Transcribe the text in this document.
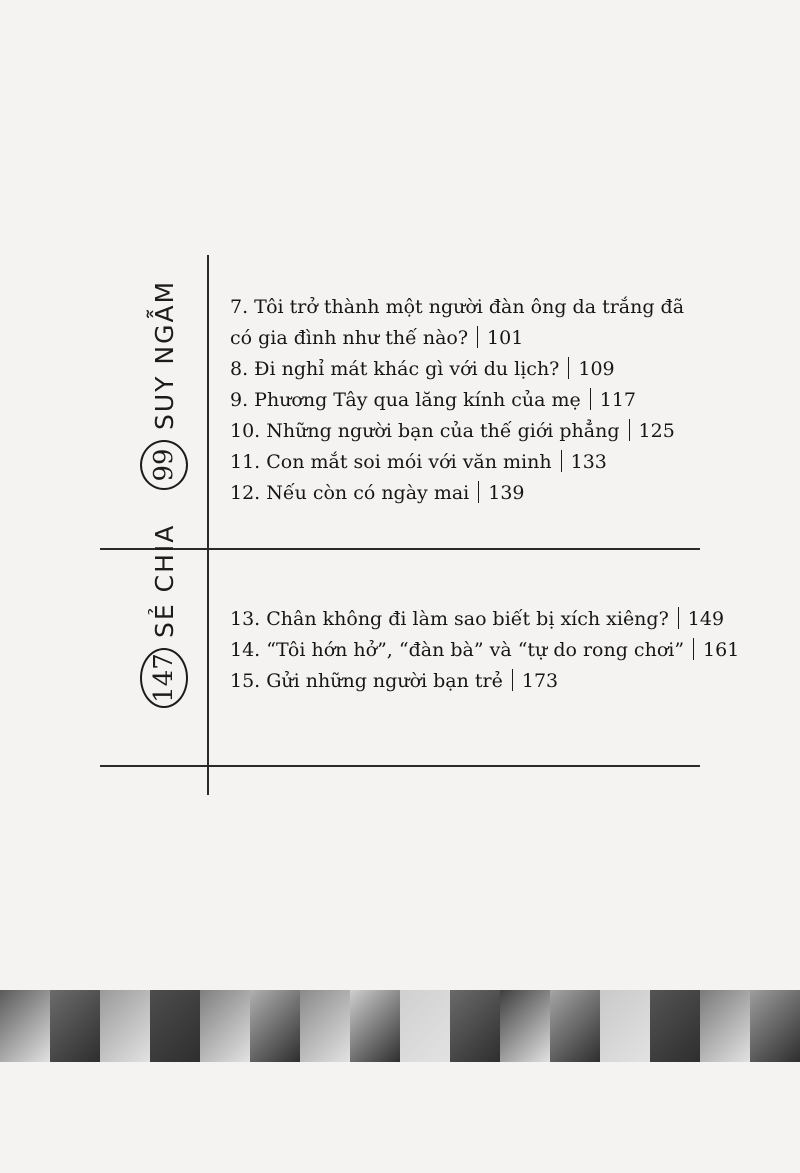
99SUY NGẪM	7. Tôi trở thành một người đàn ông da trắng đã
có gia đình như thế nào? 101
8. Đi nghỉ mát khác gì với du lịch? 109
9. Phương Tây qua lăng kính của mẹ 117
10. Những người bạn của thế giới phẳng 125
11. Con mắt soi mói với văn minh 133
12. Nếu còn có ngày mai 139
147SẺ CHIA	13. Chân không đi làm sao biết bị xích xiêng? 149
14. “Tôi hớn hở”, “đàn bà” và “tự do rong chơi” 161
15. Gửi những người bạn trẻ 173
